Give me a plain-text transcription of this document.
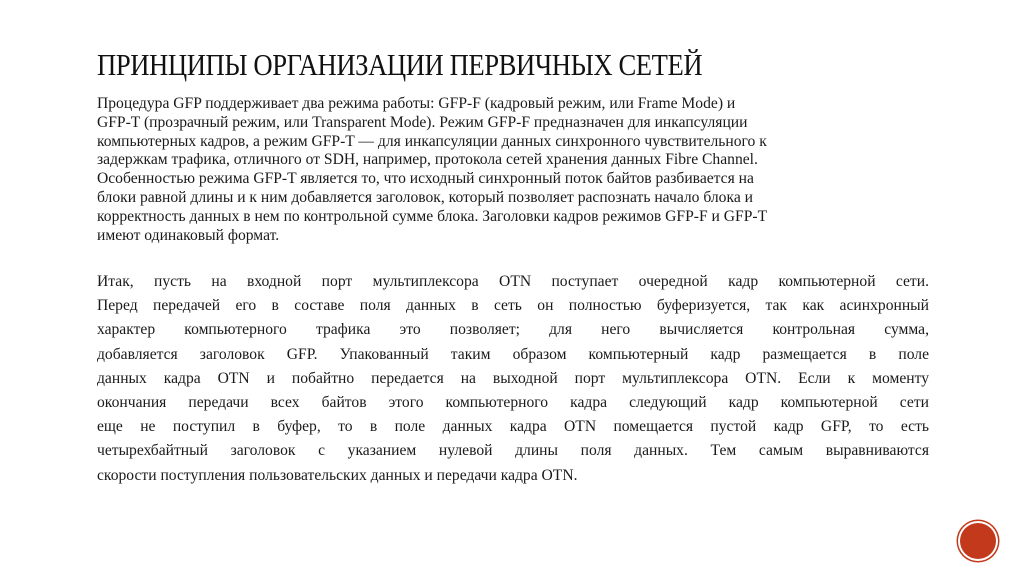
ПРИНЦИПЫ ОРГАНИЗАЦИИ ПЕРВИЧНЫХ СЕТЕЙ
Процедура GFP поддерживает два режима работы: GFP-F (кадровый режим, или Frame Mode) и
GFP-T (прозрачный режим, или Transparent Mode). Режим GFP-F предназначен для инкапсуляции
компьютерных кадров, а режим GFP-T — для инкапсуляции данных синхронного чувствительного к
задержкам трафика, отличного от SDH, например, протокола сетей хранения данных Fibre Channel.
Особенностью режима GFP-T является то, что исходный синхронный поток байтов разбивается на
блоки равной длины и к ним добавляется заголовок, который позволяет распознать начало блока и
корректность данных в нем по контрольной сумме блока. Заголовки кадров режимов GFP-F и GFP-T
имеют одинаковый формат.
Итак, пусть на входной порт мультиплексора OTN поступает очередной кадр компьютерной сети.
Перед передачей его в составе поля данных в сеть он полностью буферизуется, так как асинхронный
характер компьютерного трафика это позволяет; для него вычисляется контрольная сумма,
добавляется заголовок GFP. Упакованный таким образом компьютерный кадр размещается в поле
данных кадра OTN и побайтно передается на выходной порт мультиплексора OTN. Если к моменту
окончания передачи всех байтов этого компьютерного кадра следующий кадр компьютерной сети
еще не поступил в буфер, то в поле данных кадра OTN помещается пустой кадр GFP, то есть
четырехбайтный заголовок с указанием нулевой длины поля данных. Тем самым выравниваются
скорости поступления пользовательских данных и передачи кадра OTN.
